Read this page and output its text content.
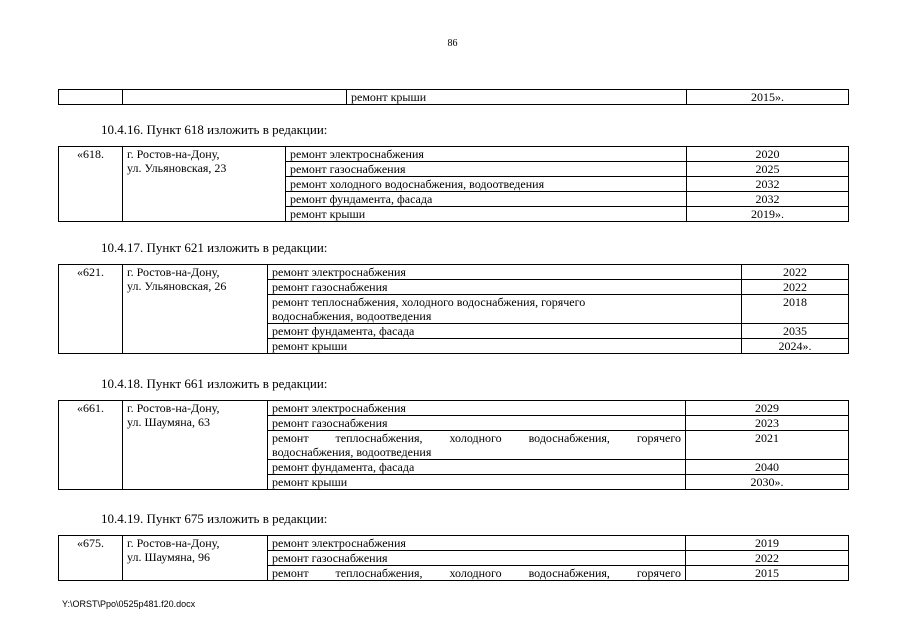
86
		ремонт крыши	2015».
10.4.16. Пункт 618 изложить в редакции:
«618.	г. Ростов-на-Дону,
ул. Ульяновская, 23	ремонт электроснабжения	2020
		ремонт газоснабжения	2025
		ремонт холодного водоснабжения, водоотведения	2032
		ремонт фундамента, фасада	2032
		ремонт крыши	2019».
10.4.17. Пункт 621 изложить в редакции:
«621.	г. Ростов-на-Дону,
ул. Ульяновская, 26	ремонт электроснабжения	2022
		ремонт газоснабжения	2022

		ремонт теплоснабжения, холодного водоснабжения, горячего
водоснабжения, водоотведения	2018
		ремонт фундамента, фасада	2035
		ремонт крыши	2024».
10.4.18. Пункт 661 изложить в редакции:
«661.	г. Ростов-на-Дону,
ул. Шаумяна, 63	ремонт электроснабжения	2029
		ремонт газоснабжения	2023

		ремонт теплоснабжения, холодного водоснабжения, горячего
водоснабжения, водоотведения	2021
		ремонт фундамента, фасада	2040
		ремонт крыши	2030».
10.4.19. Пункт 675 изложить в редакции:
«675.	г. Ростов-на-Дону,
ул. Шаумяна, 96	ремонт электроснабжения	2019
		ремонт газоснабжения	2022

		ремонт теплоснабжения, холодного водоснабжения, горячего	2015
Y:\ORST\Ppo\0525p481.f20.docx
